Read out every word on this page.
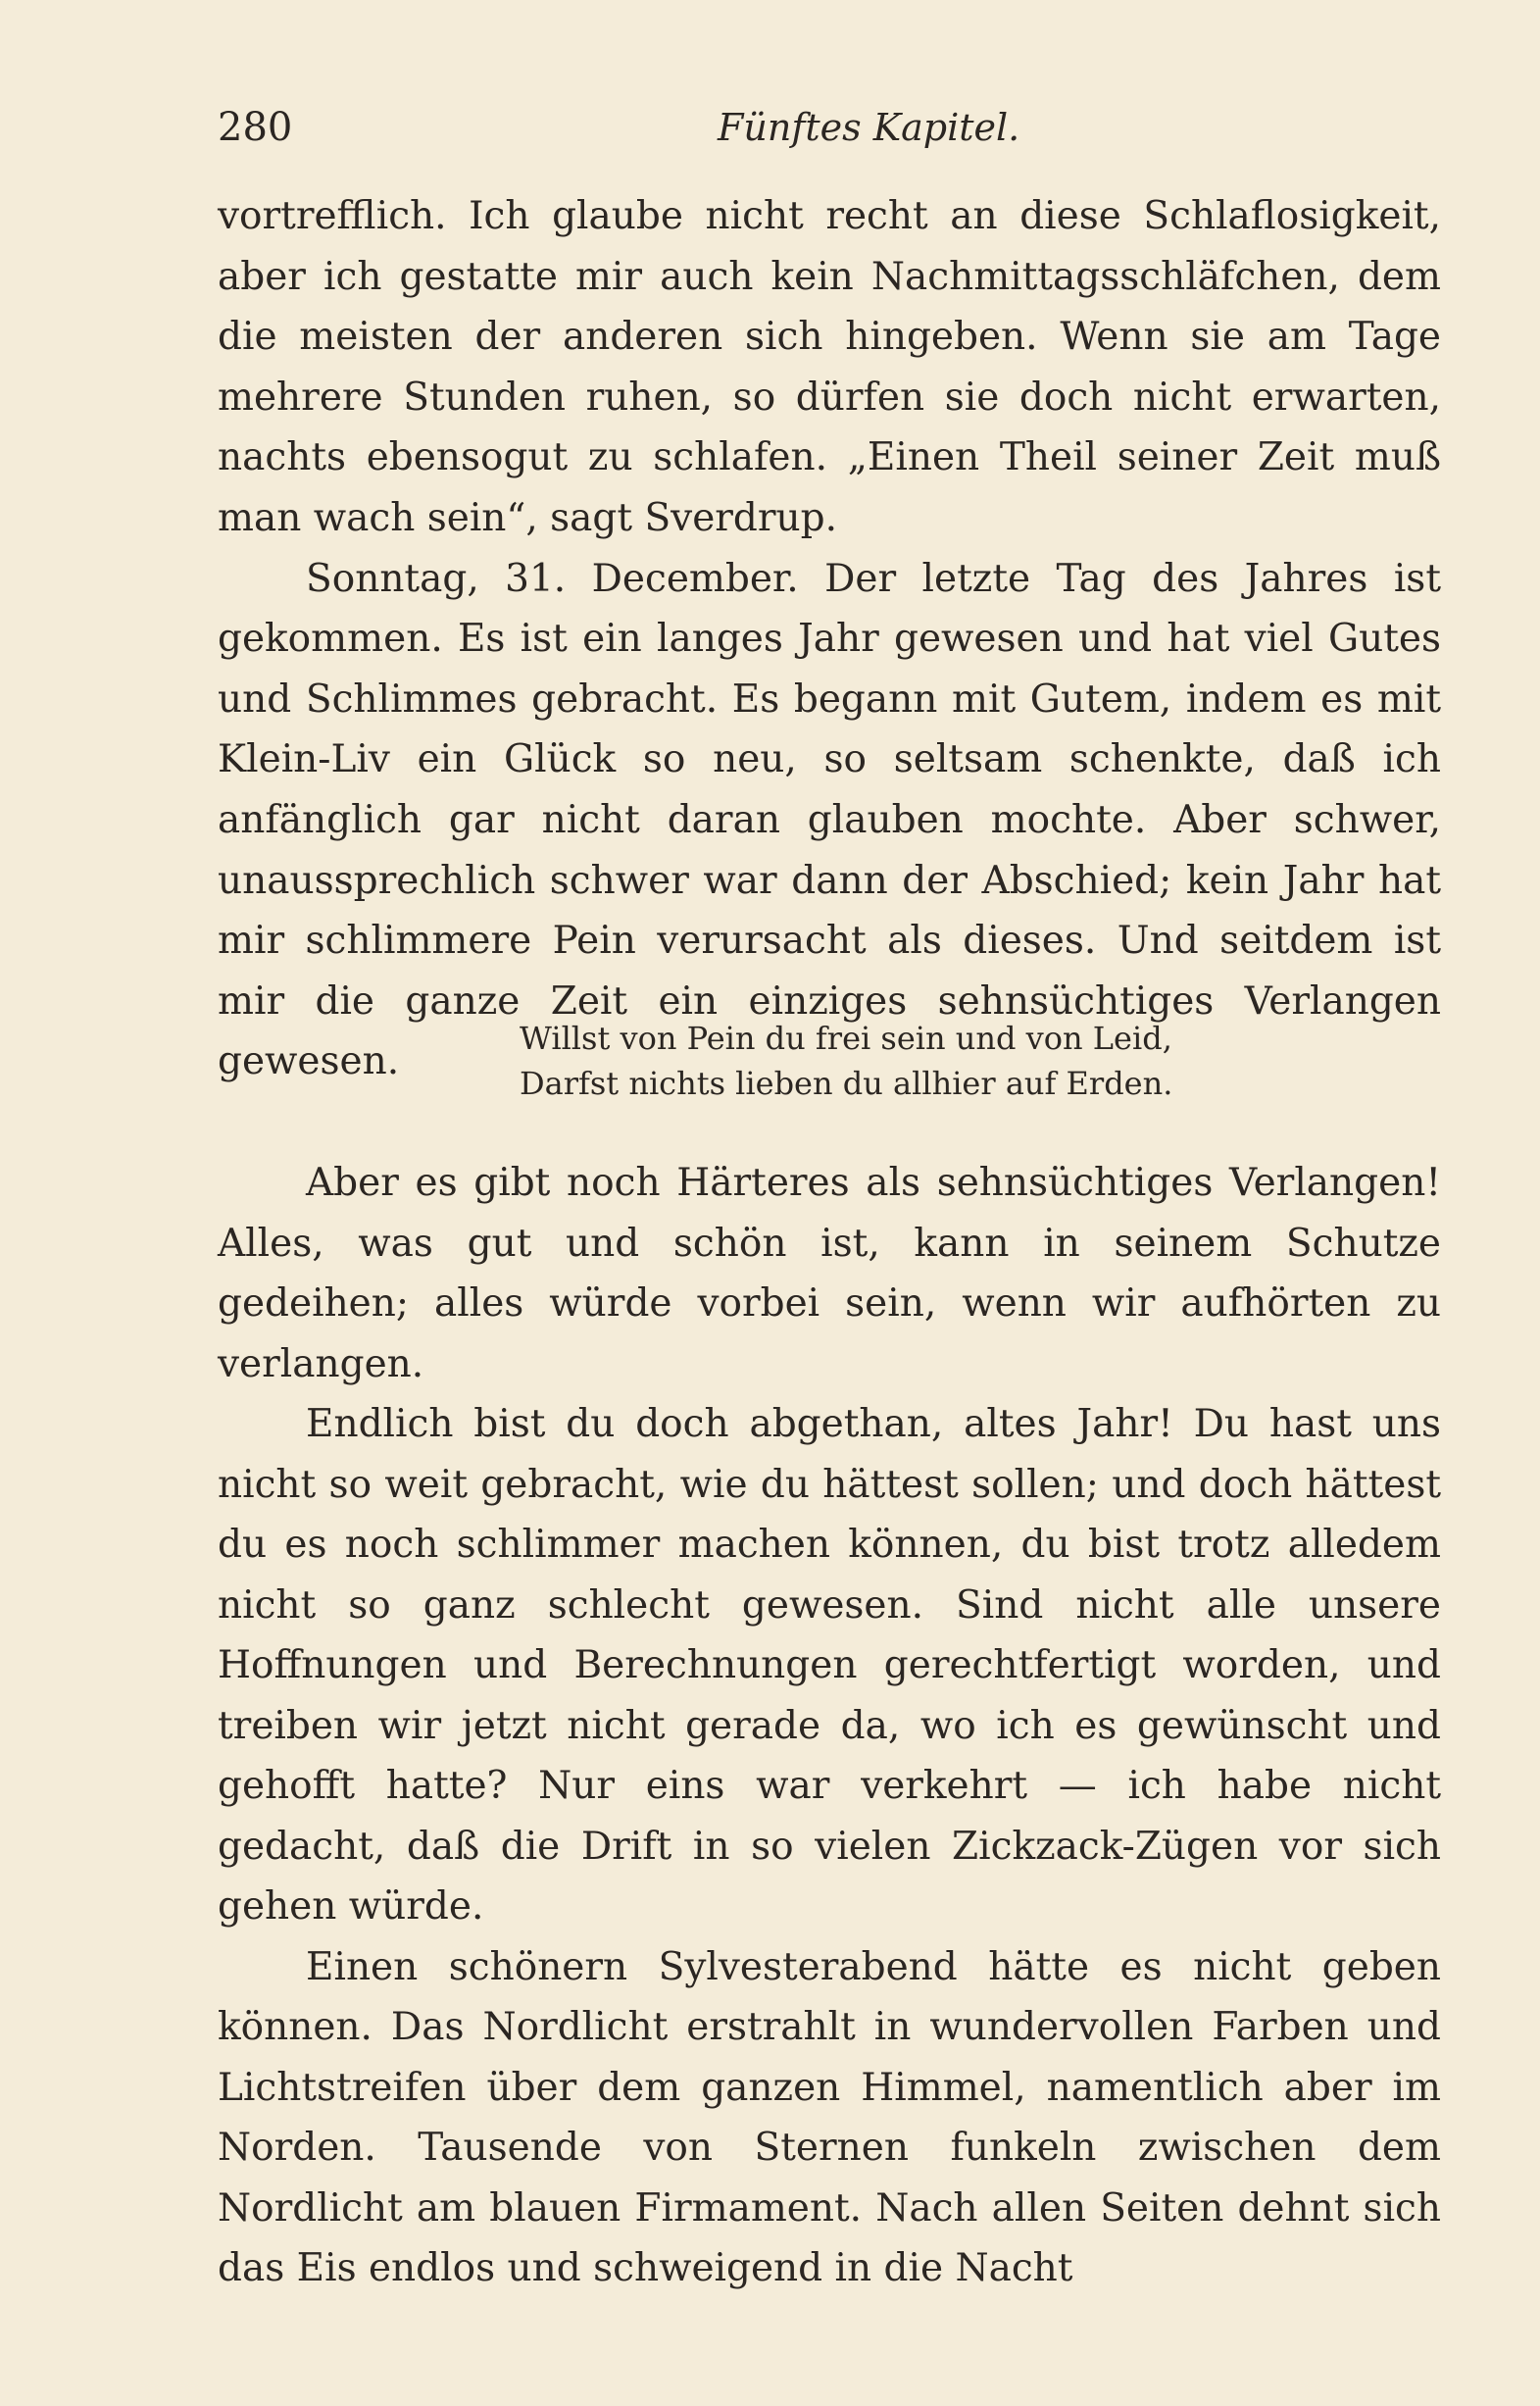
280	Fünftes Kapitel.

vortrefflich. Ich glaube nicht recht an diese Schlaflosigkeit, aber ich gestatte mir auch kein Nachmittagsschläfchen, dem die meisten der anderen sich hingeben. Wenn sie am Tage mehrere Stunden ruhen, so dürfen sie doch nicht erwarten, nachts ebensogut zu schlafen. „Einen Theil seiner Zeit muß man wach sein“, sagt Sverdrup.

Sonntag, 31. December. Der letzte Tag des Jahres ist gekommen. Es ist ein langes Jahr gewesen und hat viel Gutes und Schlimmes gebracht. Es begann mit Gutem, indem es mit Klein-Liv ein Glück so neu, so seltsam schenkte, daß ich anfänglich gar nicht daran glauben mochte. Aber schwer, unaussprechlich schwer war dann der Abschied; kein Jahr hat mir schlimmere Pein verursacht als dieses. Und seitdem ist mir die ganze Zeit ein einziges sehnsüchtiges Verlangen gewesen.

Willst von Pein du frei sein und von Leid,
Darfst nichts lieben du allhier auf Erden.

Aber es gibt noch Härteres als sehnsüchtiges Verlangen! Alles, was gut und schön ist, kann in seinem Schutze gedeihen; alles würde vorbei sein, wenn wir aufhörten zu verlangen.

Endlich bist du doch abgethan, altes Jahr! Du hast uns nicht so weit gebracht, wie du hättest sollen; und doch hättest du es noch schlimmer machen können, du bist trotz alledem nicht so ganz schlecht gewesen. Sind nicht alle unsere Hoffnungen und Berechnungen gerechtfertigt worden, und treiben wir jetzt nicht gerade da, wo ich es gewünscht und gehofft hatte? Nur eins war verkehrt — ich habe nicht gedacht, daß die Drift in so vielen Zickzack-Zügen vor sich gehen würde.

Einen schönern Sylvesterabend hätte es nicht geben können. Das Nordlicht erstrahlt in wundervollen Farben und Lichtstreifen über dem ganzen Himmel, namentlich aber im Norden. Tausende von Sternen funkeln zwischen dem Nordlicht am blauen Firmament. Nach allen Seiten dehnt sich das Eis endlos und schweigend in die Nacht
